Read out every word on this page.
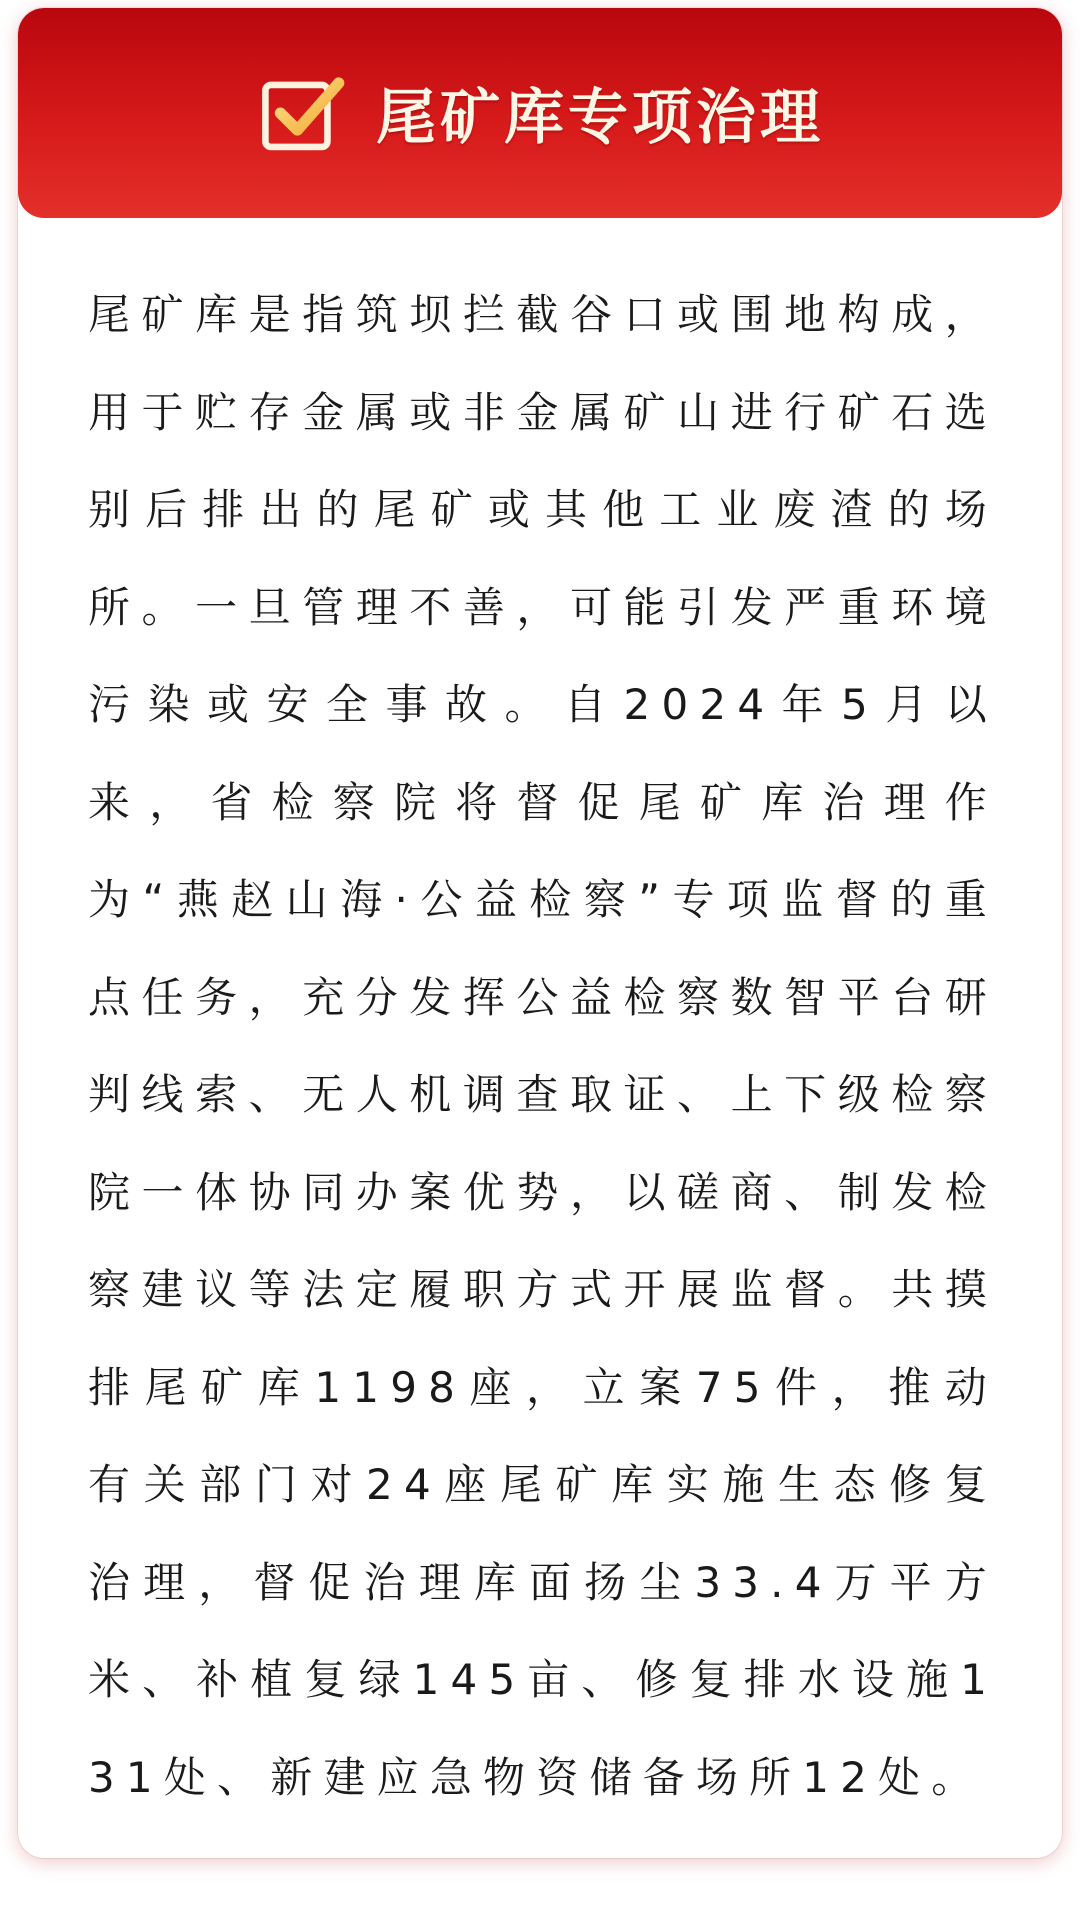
尾矿库专项治理

尾矿库是指筑坝拦截谷口或围地构成，用于贮存金属或非金属矿山进行矿石选别后排出的尾矿或其他工业废渣的场所。一旦管理不善，可能引发严重环境污染或安全事故。自2024年5月以来，省检察院将督促尾矿库治理作为“燕赵山海·公益检察”专项监督的重点任务，充分发挥公益检察数智平台研判线索、无人机调查取证、上下级检察院一体协同办案优势，以磋商、制发检察建议等法定履职方式开展监督。共摸排尾矿库1198座，立案75件，推动有关部门对24座尾矿库实施生态修复治理，督促治理库面扬尘33.4万平方米、补植复绿145亩、修复排水设施131处、新建应急物资储备场所12处。
